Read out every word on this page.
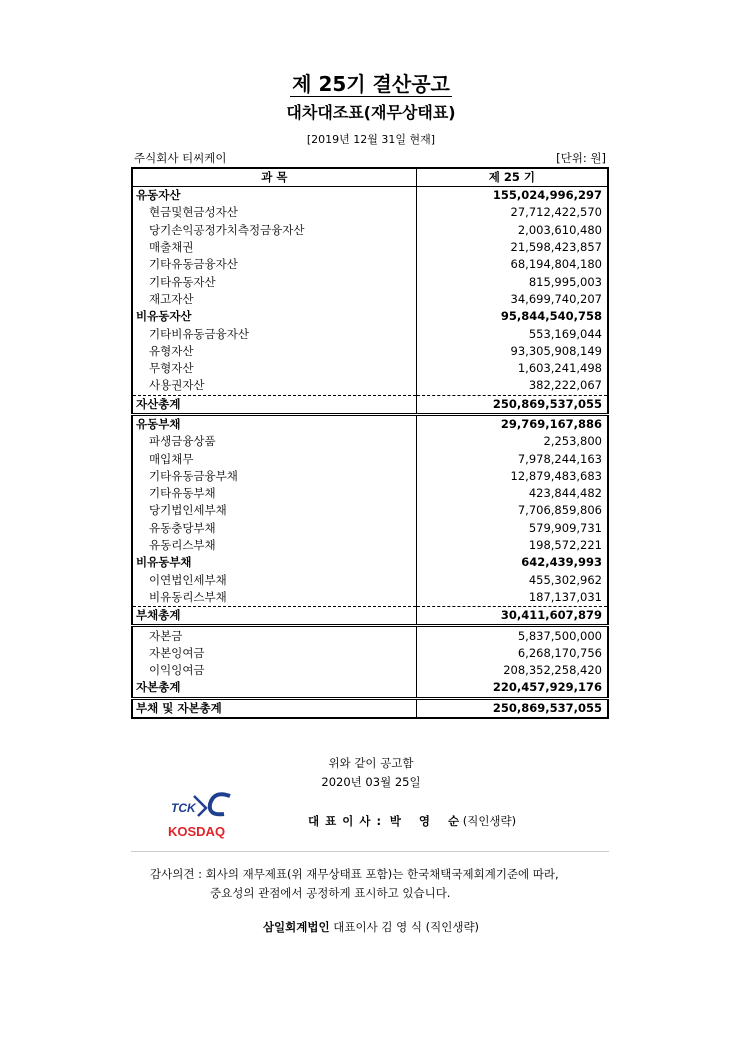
제 25기 결산공고
대차대조표(재무상태표)
[2019년 12월 31일 현재]
주식회사 티씨케이	[단위: 원]
과 목	제 25 기
유동자산	155,024,996,297
현금및현금성자산	27,712,422,570
당기손익공정가치측정금융자산	2,003,610,480
매출채권	21,598,423,857
기타유동금융자산	68,194,804,180
기타유동자산	815,995,003
재고자산	34,699,740,207
비유동자산	95,844,540,758
기타비유동금융자산	553,169,044
유형자산	93,305,908,149
무형자산	1,603,241,498
사용권자산	382,222,067
자산총계	250,869,537,055
유동부채	29,769,167,886
파생금융상품	2,253,800
매입채무	7,978,244,163
기타유동금융부채	12,879,483,683
기타유동부채	423,844,482
당기법인세부채	7,706,859,806
유동충당부채	579,909,731
유동리스부채	198,572,221
비유동부채	642,439,993
이연법인세부채	455,302,962
비유동리스부채	187,137,031
부채총계	30,411,607,879
자본금	5,837,500,000
자본잉여금	6,268,170,756
이익잉여금	208,352,258,420
자본총계	220,457,929,176
부채 및 자본총계	250,869,537,055
위와 같이 공고함
2020년 03월 25일
TCK
KOSDAQ
대 표 이 사 : 박 영 순 (직인생략)
감사의견 : 회사의 재무제표(위 재무상태표 포함)는 한국채택국제회계기준에 따라,
중요성의 관점에서 공정하게 표시하고 있습니다.
삼일회계법인 대표이사 김 영 식 (직인생략)
